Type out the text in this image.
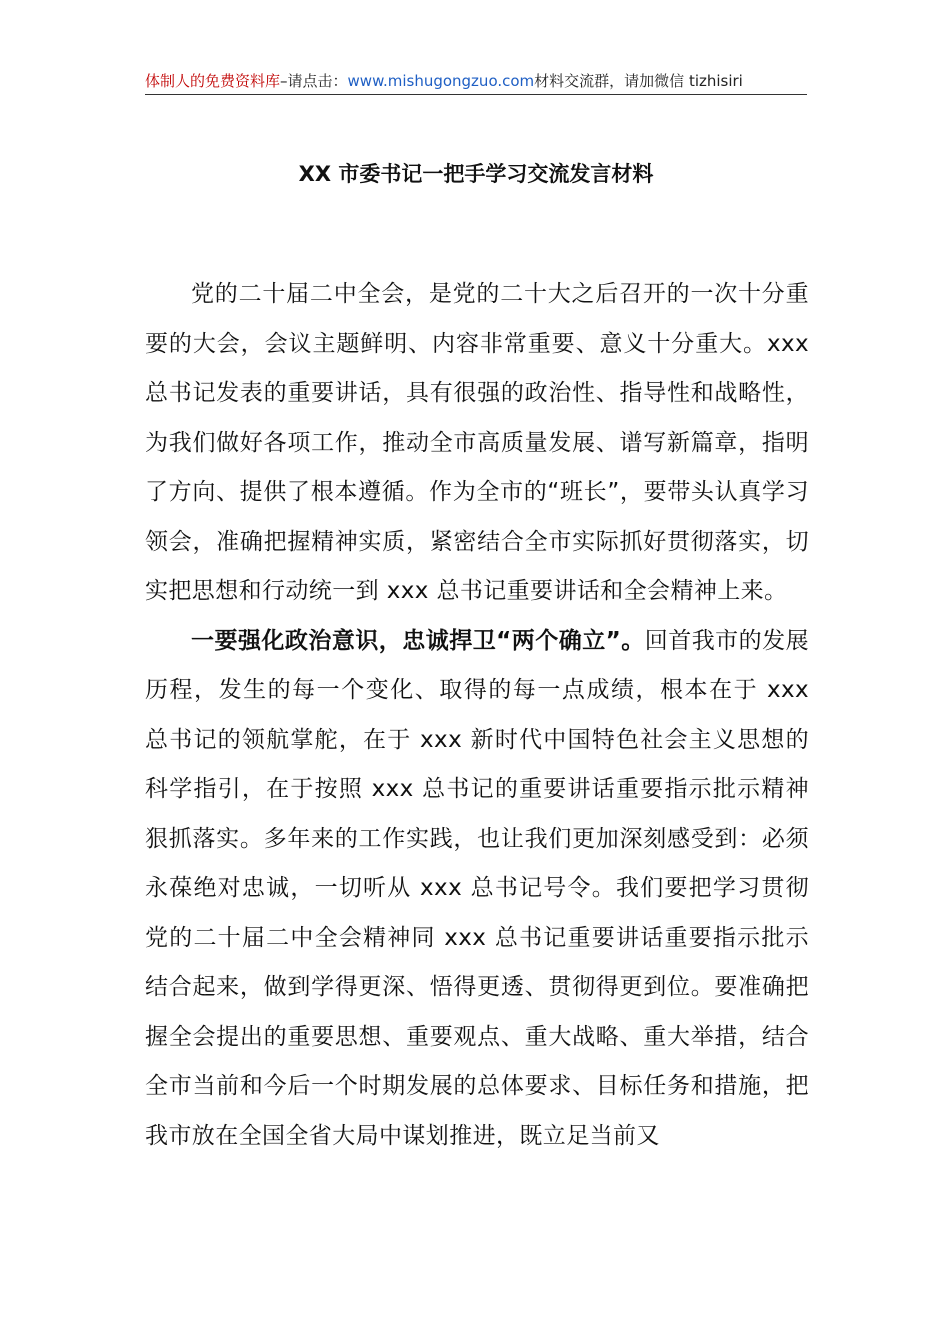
体制人的免费资料库–请点击：www.mishugongzuo.com材料交流群，请加微信 tizhisiri
XX 市委书记一把手学习交流发言材料

党的二十届二中全会，是党的二十大之后召开的一次十分重要的大会，会议主题鲜明、内容非常重要、意义十分重大。xxx 总书记发表的重要讲话，具有很强的政治性、指导性和战略性，为我们做好各项工作，推动全市高质量发展、谱写新篇章，指明了方向、提供了根本遵循。作为全市的“班长”，要带头认真学习领会，准确把握精神实质，紧密结合全市实际抓好贯彻落实，切实把思想和行动统一到 xxx 总书记重要讲话和全会精神上来。

一要强化政治意识，忠诚捍卫“两个确立”。回首我市的发展历程，发生的每一个变化、取得的每一点成绩，根本在于 xxx 总书记的领航掌舵，在于 xxx 新时代中国特色社会主义思想的科学指引，在于按照 xxx 总书记的重要讲话重要指示批示精神狠抓落实。多年来的工作实践，也让我们更加深刻感受到：必须永葆绝对忠诚，一切听从 xxx 总书记号令。我们要把学习贯彻党的二十届二中全会精神同 xxx 总书记重要讲话重要指示批示结合起来，做到学得更深、悟得更透、贯彻得更到位。要准确把握全会提出的重要思想、重要观点、重大战略、重大举措，结合全市当前和今后一个时期发展的总体要求、目标任务和措施，把我市放在全国全省大局中谋划推进，既立足当前又
